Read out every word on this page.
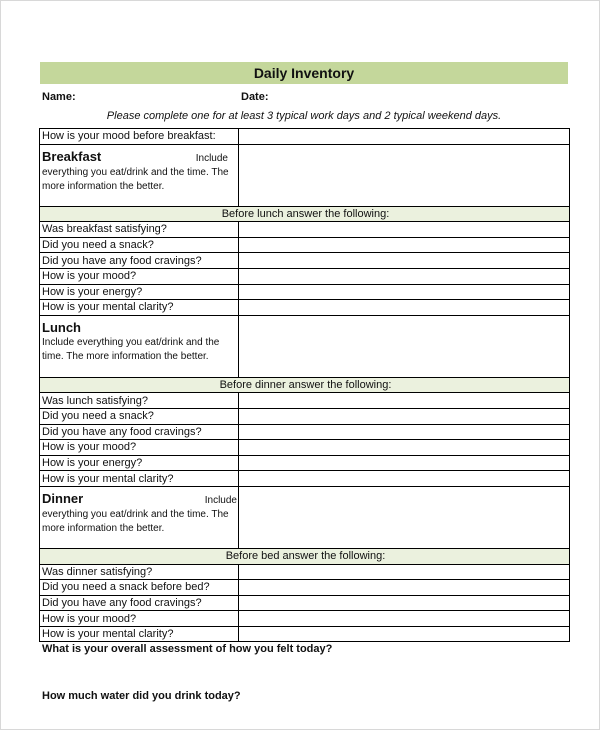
Daily Inventory
Name:	Date:
Please complete one for at least 3 typical work days and 2 typical weekend days.
How is your mood before breakfast:	

Breakfast Include
everything you eat/drink and the time. The more information the better.	

Before lunch answer the following:	
Was breakfast satisfying?	
Did you need a snack?	
Did you have any food cravings?	
How is your mood?	
How is your energy?	
How is your mental clarity?	

Lunch
Include everything you eat/drink and the time. The more information the better.	

Before dinner answer the following:	
Was lunch satisfying?	
Did you need a snack?	
Did you have any food cravings?	
How is your mood?	
How is your energy?	
How is your mental clarity?	

Dinner Include
everything you eat/drink and the time. The more information the better.	

Before bed answer the following:	
Was dinner satisfying?	
Did you need a snack before bed?	
Did you have any food cravings?	
How is your mood?	
How is your mental clarity?	
What is your overall assessment of how you felt today?
How much water did you drink today?
